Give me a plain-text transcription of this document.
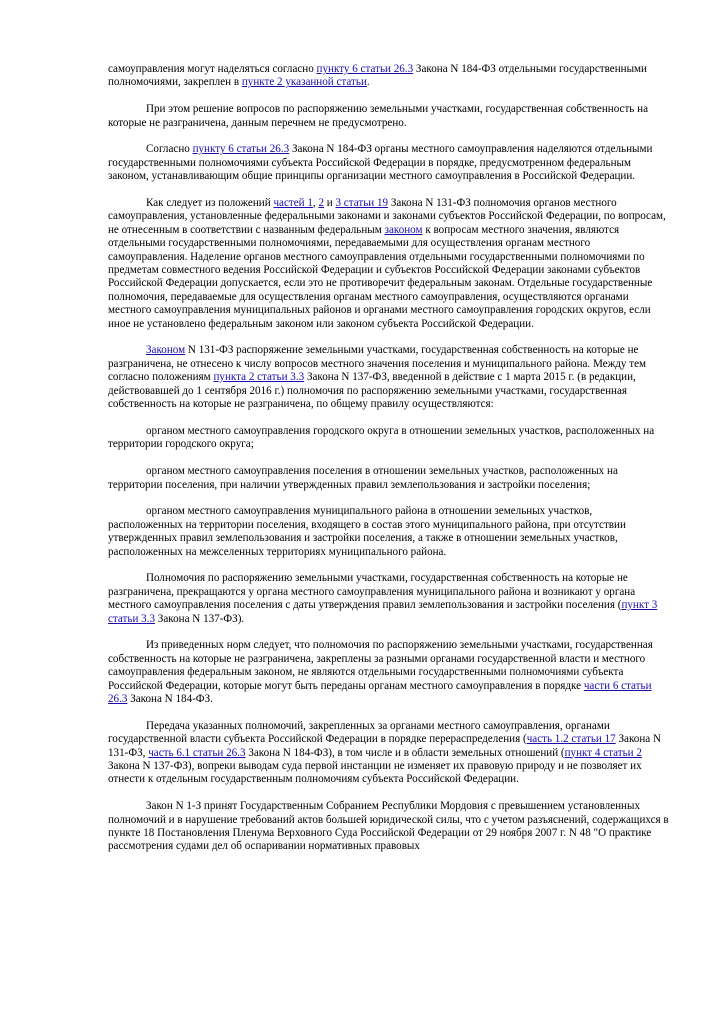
самоуправления могут наделяться согласно пункту 6 статьи 26.3 Закона N 184-ФЗ отдельными государственными полномочиями, закреплен в пункте 2 указанной статьи.

При этом решение вопросов по распоряжению земельными участками, государственная собственность на которые не разграничена, данным перечнем не предусмотрено.

Согласно пункту 6 статьи 26.3 Закона N 184-ФЗ органы местного самоуправления наделяются отдельными государственными полномочиями субъекта Российской Федерации в порядке, предусмотренном федеральным законом, устанавливающим общие принципы организации местного самоуправления в Российской Федерации.

Как следует из положений частей 1, 2 и 3 статьи 19 Закона N 131-ФЗ полномочия органов местного самоуправления, установленные федеральными законами и законами субъектов Российской Федерации, по вопросам, не отнесенным в соответствии с названным федеральным законом к вопросам местного значения, являются отдельными государственными полномочиями, передаваемыми для осуществления органам местного самоуправления. Наделение органов местного самоуправления отдельными государственными полномочиями по предметам совместного ведения Российской Федерации и субъектов Российской Федерации законами субъектов Российской Федерации допускается, если это не противоречит федеральным законам. Отдельные государственные полномочия, передаваемые для осуществления органам местного самоуправления, осуществляются органами местного самоуправления муниципальных районов и органами местного самоуправления городских округов, если иное не установлено федеральным законом или законом субъекта Российской Федерации.

Законом N 131-ФЗ распоряжение земельными участками, государственная собственность на которые не разграничена, не отнесено к числу вопросов местного значения поселения и муниципального района. Между тем согласно положениям пункта 2 статьи 3.3 Закона N 137-ФЗ, введенной в действие с 1 марта 2015 г. (в редакции, действовавшей до 1 сентября 2016 г.) полномочия по распоряжению земельными участками, государственная собственность на которые не разграничена, по общему правилу осуществляются:

органом местного самоуправления городского округа в отношении земельных участков, расположенных на территории городского округа;

органом местного самоуправления поселения в отношении земельных участков, расположенных на территории поселения, при наличии утвержденных правил землепользования и застройки поселения;

органом местного самоуправления муниципального района в отношении земельных участков, расположенных на территории поселения, входящего в состав этого муниципального района, при отсутствии утвержденных правил землепользования и застройки поселения, а также в отношении земельных участков, расположенных на межселенных территориях муниципального района.

Полномочия по распоряжению земельными участками, государственная собственность на которые не разграничена, прекращаются у органа местного самоуправления муниципального района и возникают у органа местного самоуправления поселения с даты утверждения правил землепользования и застройки поселения (пункт 3 статьи 3.3 Закона N 137-ФЗ).

Из приведенных норм следует, что полномочия по распоряжению земельными участками, государственная собственность на которые не разграничена, закреплены за разными органами государственной власти и местного самоуправления федеральным законом, не являются отдельными государственными полномочиями субъекта Российской Федерации, которые могут быть переданы органам местного самоуправления в порядке части 6 статьи 26.3 Закона N 184-ФЗ.

Передача указанных полномочий, закрепленных за органами местного самоуправления, органами государственной власти субъекта Российской Федерации в порядке перераспределения (часть 1.2 статьи 17 Закона N 131-ФЗ, часть 6.1 статьи 26.3 Закона N 184-ФЗ), в том числе и в области земельных отношений (пункт 4 статьи 2 Закона N 137-ФЗ), вопреки выводам суда первой инстанции не изменяет их правовую природу и не позволяет их отнести к отдельным государственным полномочиям субъекта Российской Федерации.

Закон N 1-З принят Государственным Собранием Республики Мордовия с превышением установленных полномочий и в нарушение требований актов большей юридической силы, что с учетом разъяснений, содержащихся в пункте 18 Постановления Пленума Верховного Суда Российской Федерации от 29 ноября 2007 г. N 48 "О практике рассмотрения судами дел об оспаривании нормативных правовых
